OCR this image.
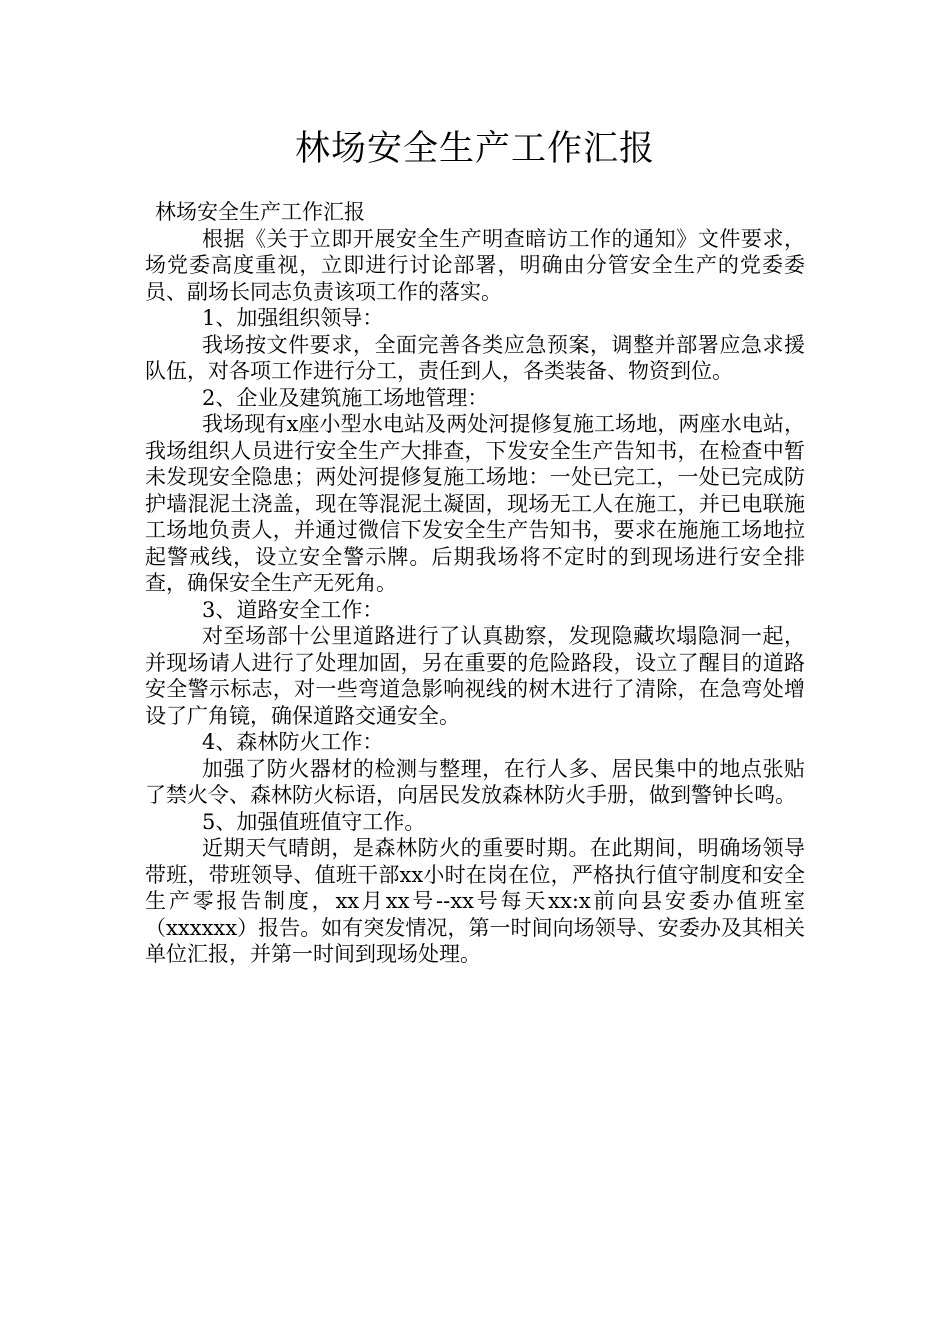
林场安全生产工作汇报

林场安全生产工作汇报

根据《关于立即开展安全生产明查暗访工作的通知》文件要求，场党委高度重视，立即进行讨论部署，明确由分管安全生产的党委委员、副场长同志负责该项工作的落实。

1、加强组织领导：

我场按文件要求，全面完善各类应急预案，调整并部署应急求援队伍，对各项工作进行分工，责任到人，各类装备、物资到位。

2、企业及建筑施工场地管理：

我场现有x座小型水电站及两处河提修复施工场地，两座水电站，我场组织人员进行安全生产大排查，下发安全生产告知书，在检查中暂未发现安全隐患；两处河提修复施工场地：一处已完工，一处已完成防护墙混泥土浇盖，现在等混泥土凝固，现场无工人在施工，并已电联施工场地负责人，并通过微信下发安全生产告知书，要求在施施工场地拉起警戒线，设立安全警示牌。后期我场将不定时的到现场进行安全排查，确保安全生产无死角。

3、道路安全工作：

对至场部十公里道路进行了认真勘察，发现隐藏坎塌隐洞一起，并现场请人进行了处理加固，另在重要的危险路段，设立了醒目的道路安全警示标志，对一些弯道急影响视线的树木进行了清除，在急弯处增设了广角镜，确保道路交通安全。

4、森林防火工作：

加强了防火器材的检测与整理，在行人多、居民集中的地点张贴了禁火令、森林防火标语，向居民发放森林防火手册，做到警钟长鸣。

5、加强值班值守工作。

近期天气晴朗，是森林防火的重要时期。在此期间，明确场领导带班，带班领导、值班干部xx小时在岗在位，严格执行值守制度和安全生产零报告制度，xx月xx号--xx号每天xx:x前向县安委办值班室（xxxxxx）报告。如有突发情况，第一时间向场领导、安委办及其相关单位汇报，并第一时间到现场处理。
